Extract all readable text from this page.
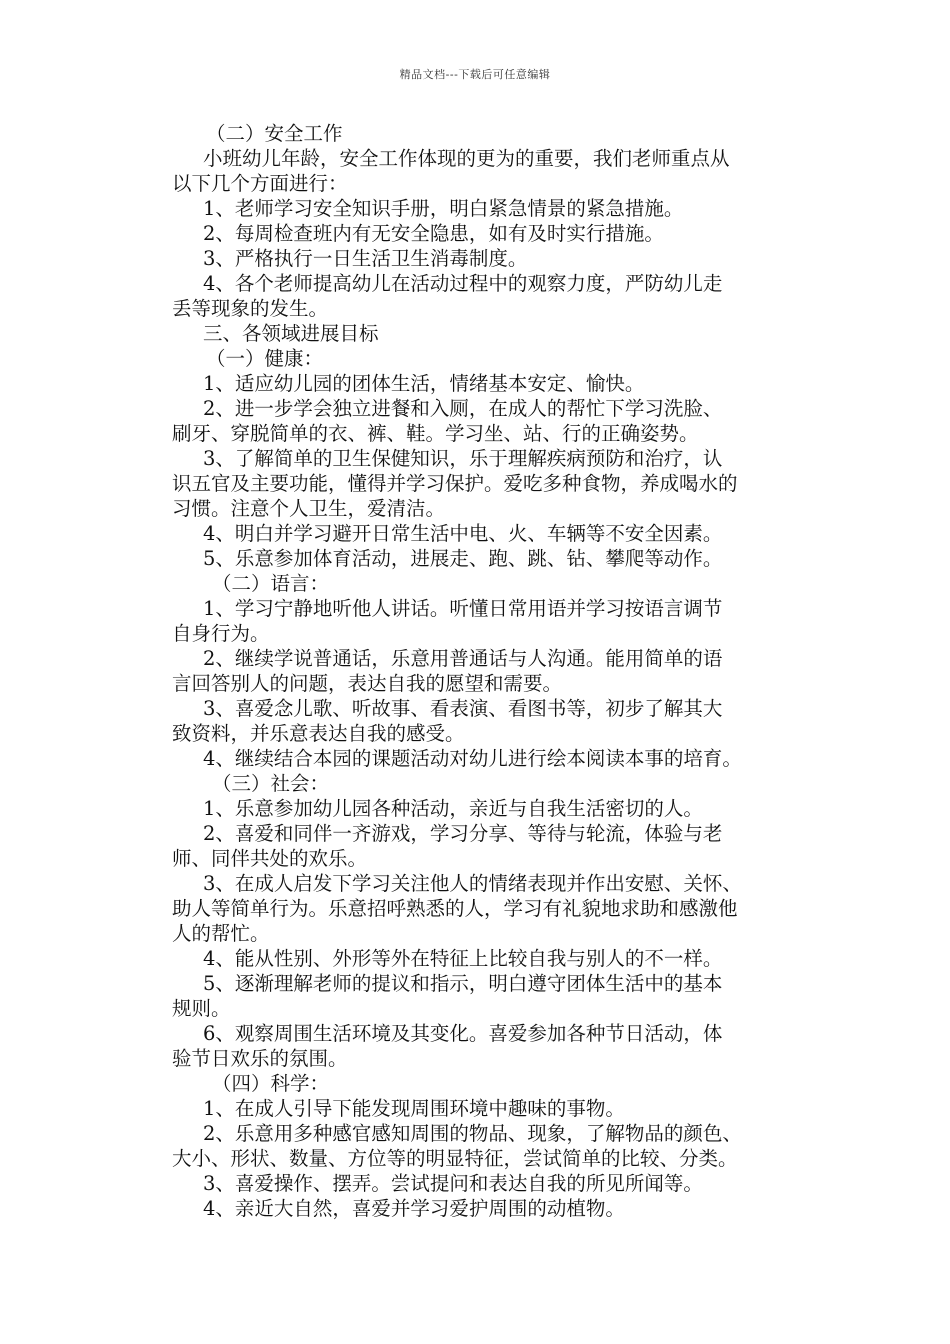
精品文档---下载后可任意编辑
（二）安全工作
小班幼儿年龄，安全工作体现的更为的重要，我们老师重点从
以下几个方面进行：
1、老师学习安全知识手册，明白紧急情景的紧急措施。
2、每周检查班内有无安全隐患，如有及时实行措施。
3、严格执行一日生活卫生消毒制度。
4、各个老师提高幼儿在活动过程中的观察力度，严防幼儿走
丢等现象的发生。
三、各领域进展目标
（一）健康：
1、适应幼儿园的团体生活，情绪基本安定、愉快。
2、进一步学会独立进餐和入厕，在成人的帮忙下学习洗脸、
刷牙、穿脱简单的衣、裤、鞋。学习坐、站、行的正确姿势。
3、了解简单的卫生保健知识，乐于理解疾病预防和治疗，认
识五官及主要功能，懂得并学习保护。爱吃多种食物，养成喝水的
习惯。注意个人卫生，爱清洁。
4、明白并学习避开日常生活中电、火、车辆等不安全因素。
5、乐意参加体育活动，进展走、跑、跳、钻、攀爬等动作。
（二）语言：
1、学习宁静地听他人讲话。听懂日常用语并学习按语言调节
自身行为。
2、继续学说普通话，乐意用普通话与人沟通。能用简单的语
言回答别人的问题，表达自我的愿望和需要。
3、喜爱念儿歌、听故事、看表演、看图书等，初步了解其大
致资料，并乐意表达自我的感受。
4、继续结合本园的课题活动对幼儿进行绘本阅读本事的培育。
（三）社会：
1、乐意参加幼儿园各种活动，亲近与自我生活密切的人。
2、喜爱和同伴一齐游戏，学习分享、等待与轮流，体验与老
师、同伴共处的欢乐。
3、在成人启发下学习关注他人的情绪表现并作出安慰、关怀、
助人等简单行为。乐意招呼熟悉的人，学习有礼貌地求助和感激他
人的帮忙。
4、能从性别、外形等外在特征上比较自我与别人的不一样。
5、逐渐理解老师的提议和指示，明白遵守团体生活中的基本
规则。
6、观察周围生活环境及其变化。喜爱参加各种节日活动，体
验节日欢乐的氛围。
（四）科学：
1、在成人引导下能发现周围环境中趣味的事物。
2、乐意用多种感官感知周围的物品、现象，了解物品的颜色、
大小、形状、数量、方位等的明显特征，尝试简单的比较、分类。
3、喜爱操作、摆弄。尝试提问和表达自我的所见所闻等。
4、亲近大自然，喜爱并学习爱护周围的动植物。
